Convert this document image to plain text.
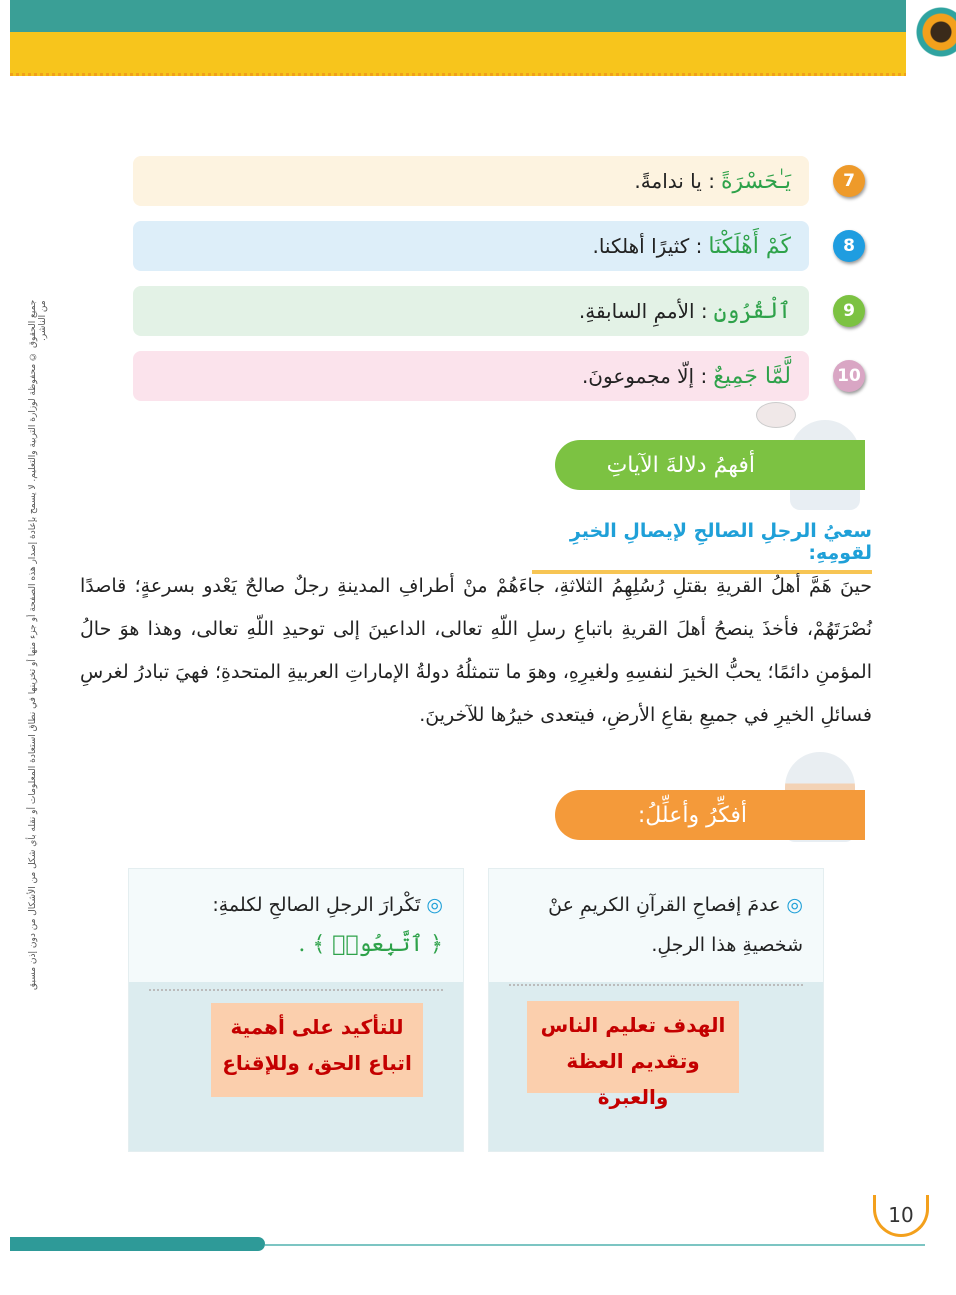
جميع الحقوق © محفوظة لوزارة التربية والتعليم. لا يسمح بإعادة إصدار هذه الصفحة أو جزء منها أو تخزينها في نطاق استعادة المعلومات أو نقله بأي شكل من الأشكال من دون إذن مسبق من الناشر.
يَـٰحَسْرَةً
: يا ندامةً.	7
كَمْ أَهْلَكْنَا
: كثيرًا أهلكنا.	8
ٱلْقُرُونِ
: الأممِ السابقةِ.	9
لَّمَّا جَمِيعٌ
: إلّا مجموعونَ.	10
أفهمُ دلالةَ الآياتِ
سعيُ الرجلِ الصالحِ لإيصالِ الخيرِ لقومِهِ:
حينَ هَمَّ أهلُ القريةِ بقتلِ رُسُلِهِمُ الثلاثةِ، جاءَهُمْ منْ أطرافِ المدينةِ رجلٌ صالحٌ يَعْدو بسرعةٍ؛ قاصدًا نُصْرَتَهُمْ، فأخذَ ينصحُ أهلَ القريةِ باتباعِ رسلِ اللّهِ تعالى، الداعينَ إلى توحيدِ اللّهِ تعالى، وهذا هوَ حالُ المؤمنِ دائمًا؛ يحبُّ الخيرَ لنفسِهِ ولغيرِهِ، وهوَ ما تتمثلُهُ دولةُ الإماراتِ العربيةِ المتحدةِ؛ فهيَ تبادرُ لغرسِ فسائلِ الخيرِ في جميعِ بقاعِ الأرضِ، فيتعدى خيرُها للآخرينَ.
أفكِّرُ وأعلِّلُ:
◎عدمَ إفصاحِ القرآنِ الكريمِ عنْ شخصيةِ هذا الرجلِ.
الهدف تعليم الناس وتقديم العظة والعبرة
◎تَكْرارَ الرجلِ الصالحِ لكلمةِ:
﴿ ٱتَّبِعُوا۟ ﴾ .
للتأكيد على أهمية اتباع الحق، وللإقناع
10
